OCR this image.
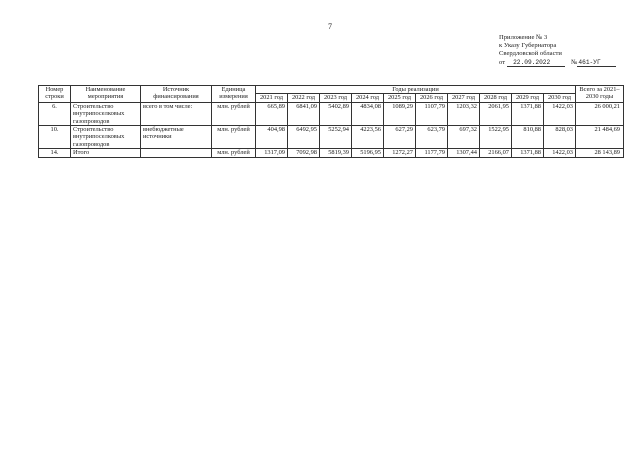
7
Приложение № 3
к Указу Губернатора
Свердловской области
от	22.09.2022	№ 461-УГ
Номер строки	Наименование мероприятия	Источник финансирования	Единица измерения	Годы реализации										Всего за 2021–2030 годы
				2021 год	2022 год	2023 год	2024 год	2025 год	2026 год	2027 год	2028 год	2029 год	2030 год	
6.	Строительство внутрипоселковых газопроводов	всего в том числе:	млн. рублей	665,89	6841,09	5402,89	4834,08	1089,29	1107,79	1203,32	2061,95	1371,88	1422,03	26 000,21
10.	Строительство внутрипоселковых газопроводов	внебюджетные источники	млн. рублей	404,98	6492,95	5252,94	4223,56	627,29	623,79	697,32	1522,95	810,88	828,03	21 484,69
14.	Итого		млн. рублей	1317,09	7092,98	5819,39	5196,95	1272,27	1177,79	1307,44	2166,07	1371,88	1422,03	28 143,89
